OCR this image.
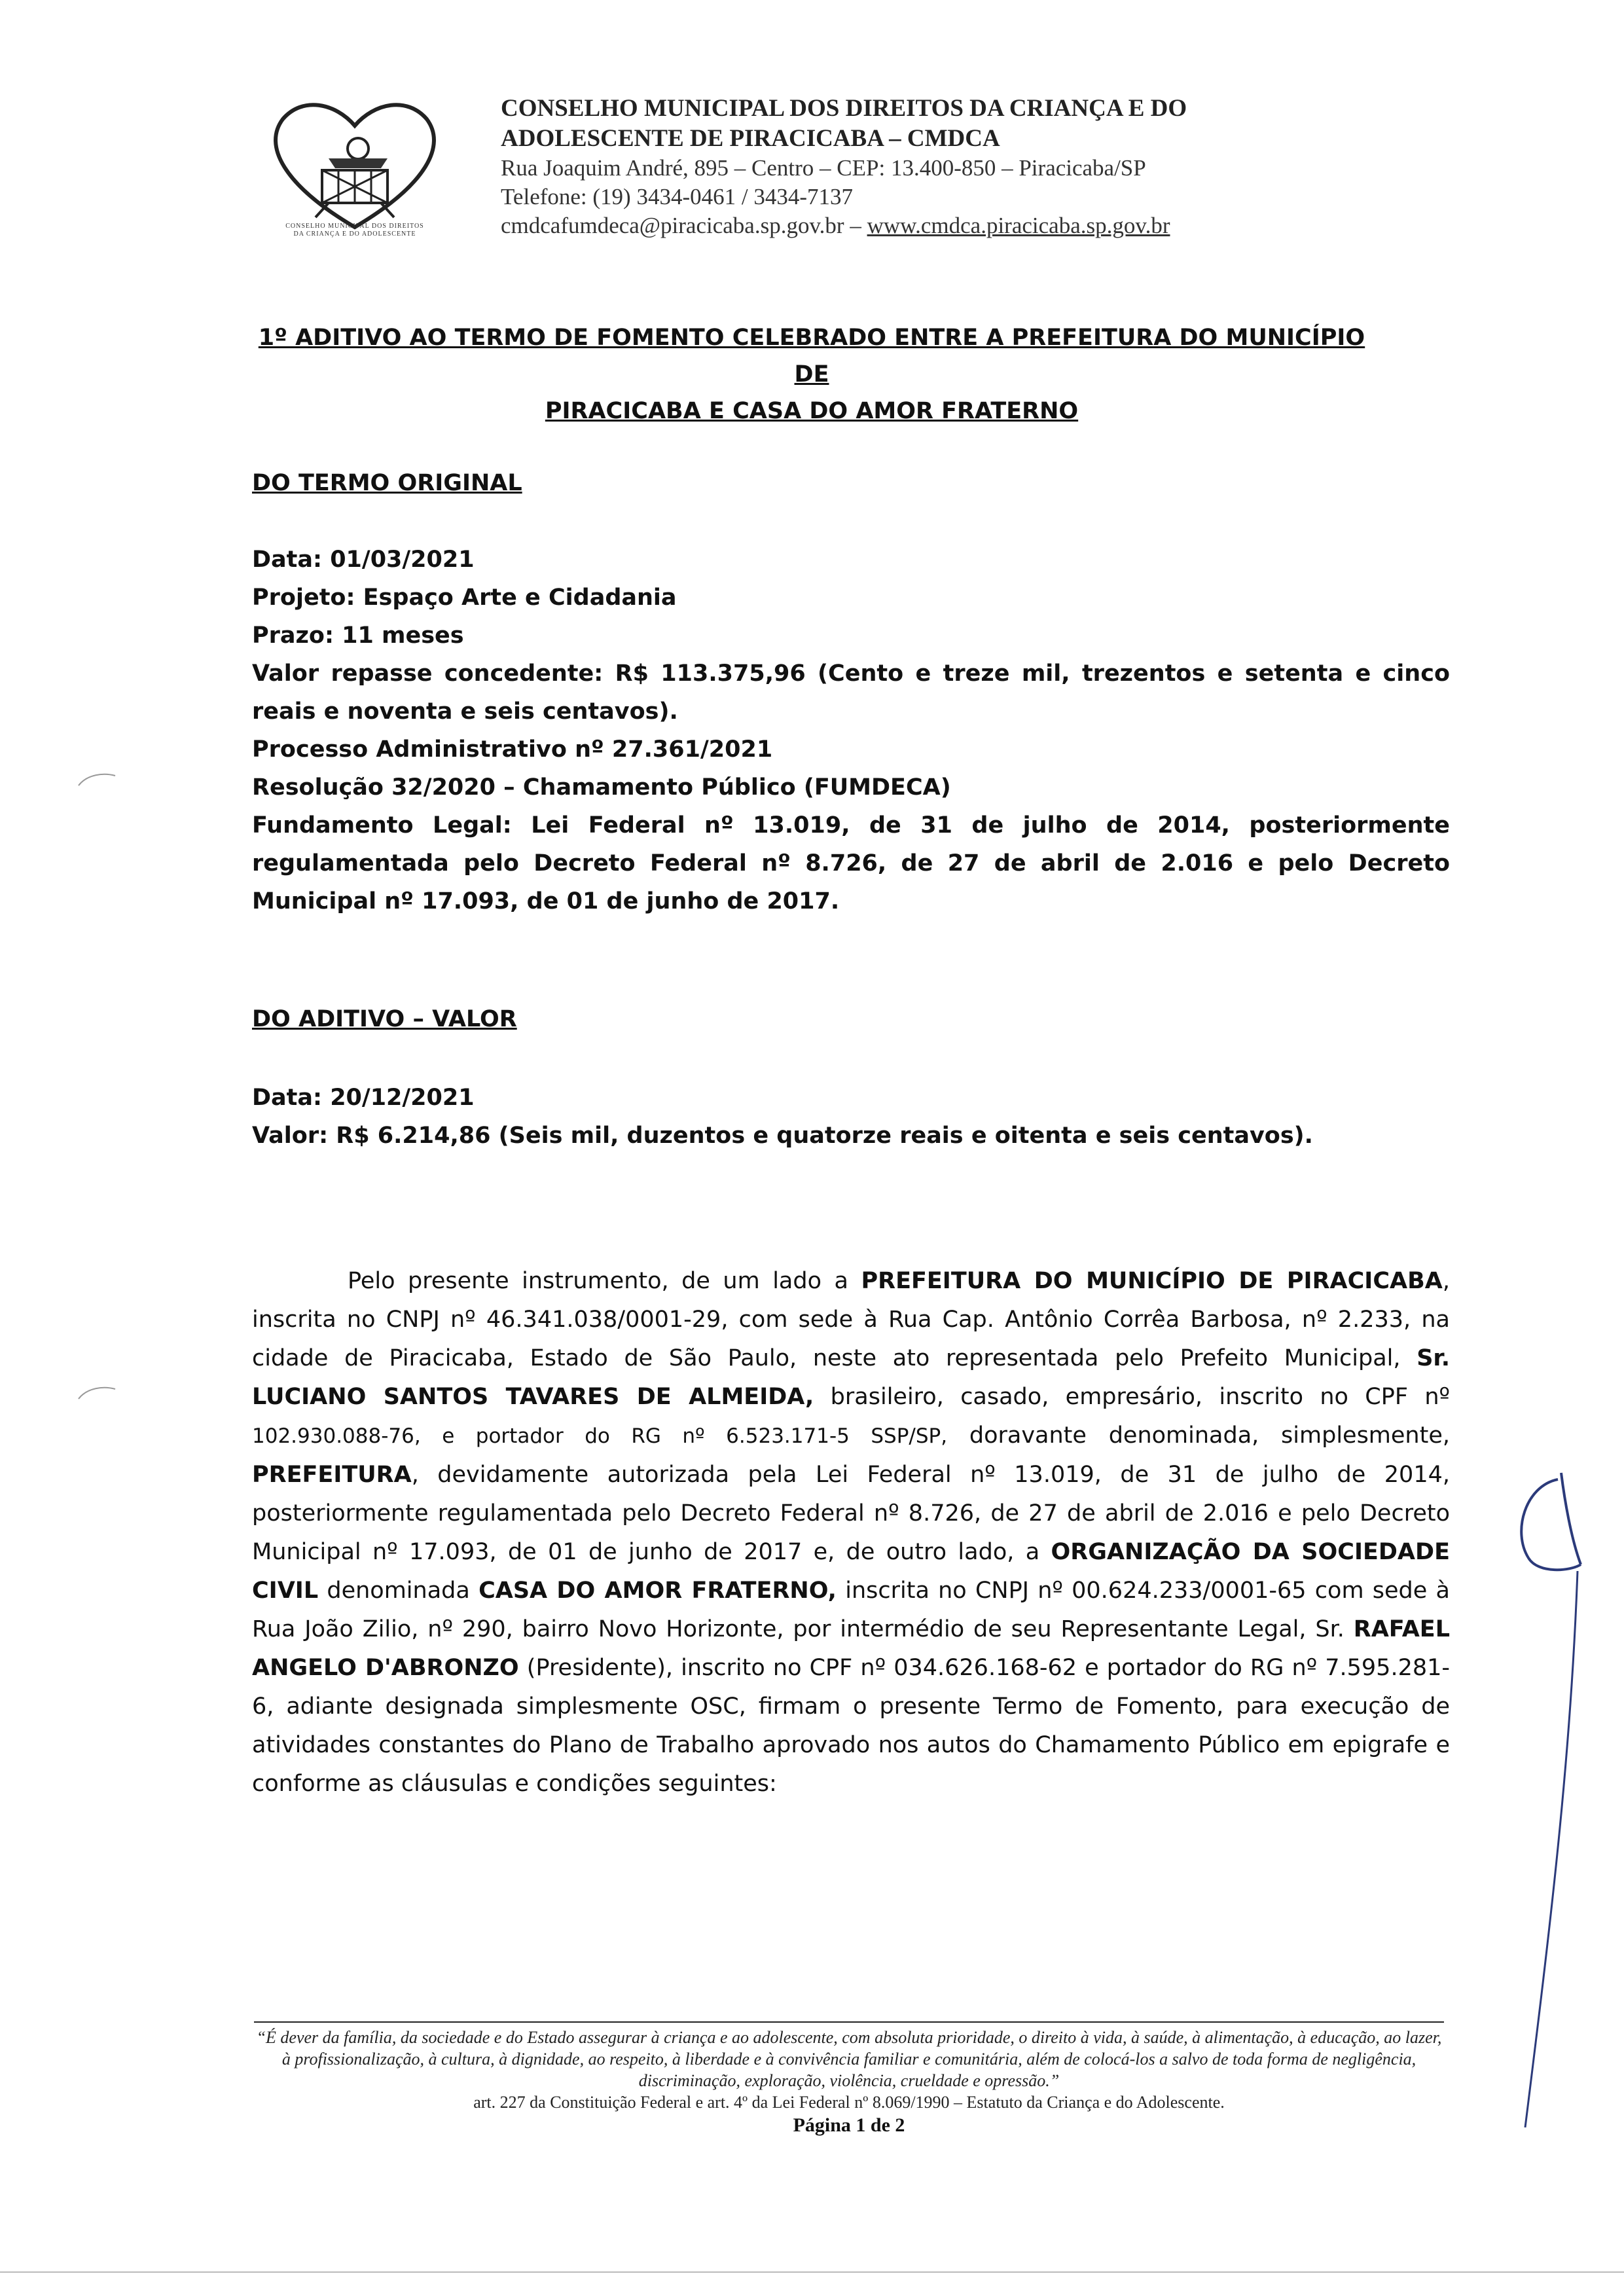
CONSELHO MUNICIPAL DOS DIREITOS
DA CRIANÇA E DO ADOLESCENTE
CONSELHO MUNICIPAL DOS DIREITOS DA CRIANÇA E DO
ADOLESCENTE DE PIRACICABA – CMDCA
Rua Joaquim André, 895 – Centro – CEP: 13.400-850 – Piracicaba/SP
Telefone: (19) 3434-0461 / 3434-7137
cmdcafumdeca@piracicaba.sp.gov.br – www.cmdca.piracicaba.sp.gov.br
1º ADITIVO AO TERMO DE FOMENTO CELEBRADO ENTRE A PREFEITURA DO MUNICÍPIO DE
PIRACICABA E CASA DO AMOR FRATERNO
DO TERMO ORIGINAL

Data: 01/03/2021

Projeto: Espaço Arte e Cidadania

Prazo: 11 meses

Valor repasse concedente: R$ 113.375,96 (Cento e treze mil, trezentos e setenta e cinco reais e noventa e seis centavos).

Processo Administrativo nº 27.361/2021

Resolução 32/2020 – Chamamento Público (FUMDECA)

Fundamento Legal: Lei Federal nº 13.019, de 31 de julho de 2014, posteriormente regulamentada pelo Decreto Federal nº 8.726, de 27 de abril de 2.016 e pelo Decreto Municipal nº 17.093, de 01 de junho de 2017.

DO ADITIVO – VALOR

Data: 20/12/2021

Valor: R$ 6.214,86 (Seis mil, duzentos e quatorze reais e oitenta e seis centavos).

Pelo presente instrumento, de um lado a PREFEITURA DO MUNICÍPIO DE PIRACICABA, inscrita no CNPJ nº 46.341.038/0001-29, com sede à Rua Cap. Antônio Corrêa Barbosa, nº 2.233, na cidade de Piracicaba, Estado de São Paulo, neste ato representada pelo Prefeito Municipal, Sr. LUCIANO SANTOS TAVARES DE ALMEIDA, brasileiro, casado, empresário, inscrito no CPF nº 102.930.088-76, e portador do RG nº 6.523.171-5 SSP/SP, doravante denominada, simplesmente, PREFEITURA, devidamente autorizada pela Lei Federal nº 13.019, de 31 de julho de 2014, posteriormente regulamentada pelo Decreto Federal nº 8.726, de 27 de abril de 2.016 e pelo Decreto Municipal nº 17.093, de 01 de junho de 2017 e, de outro lado, a ORGANIZAÇÃO DA SOCIEDADE CIVIL denominada CASA DO AMOR FRATERNO, inscrita no CNPJ nº 00.624.233/0001-65 com sede à Rua João Zilio, nº 290, bairro Novo Horizonte, por intermédio de seu Representante Legal, Sr. RAFAEL ANGELO D'ABRONZO (Presidente), inscrito no CPF nº 034.626.168-62 e portador do RG nº 7.595.281-6, adiante designada simplesmente OSC, firmam o presente Termo de Fomento, para execução de atividades constantes do Plano de Trabalho aprovado nos autos do Chamamento Público em epigrafe e conforme as cláusulas e condições seguintes:
“É dever da família, da sociedade e do Estado assegurar à criança e ao adolescente, com absoluta prioridade, o direito à vida, à saúde, à alimentação, à educação, ao lazer, à profissionalização, à cultura, à dignidade, ao respeito, à liberdade e à convivência familiar e comunitária, além de colocá-los a salvo de toda forma de negligência, discriminação, exploração, violência, crueldade e opressão.”
art. 227 da Constituição Federal e art. 4º da Lei Federal nº 8.069/1990 – Estatuto da Criança e do Adolescente.
Página 1 de 2
